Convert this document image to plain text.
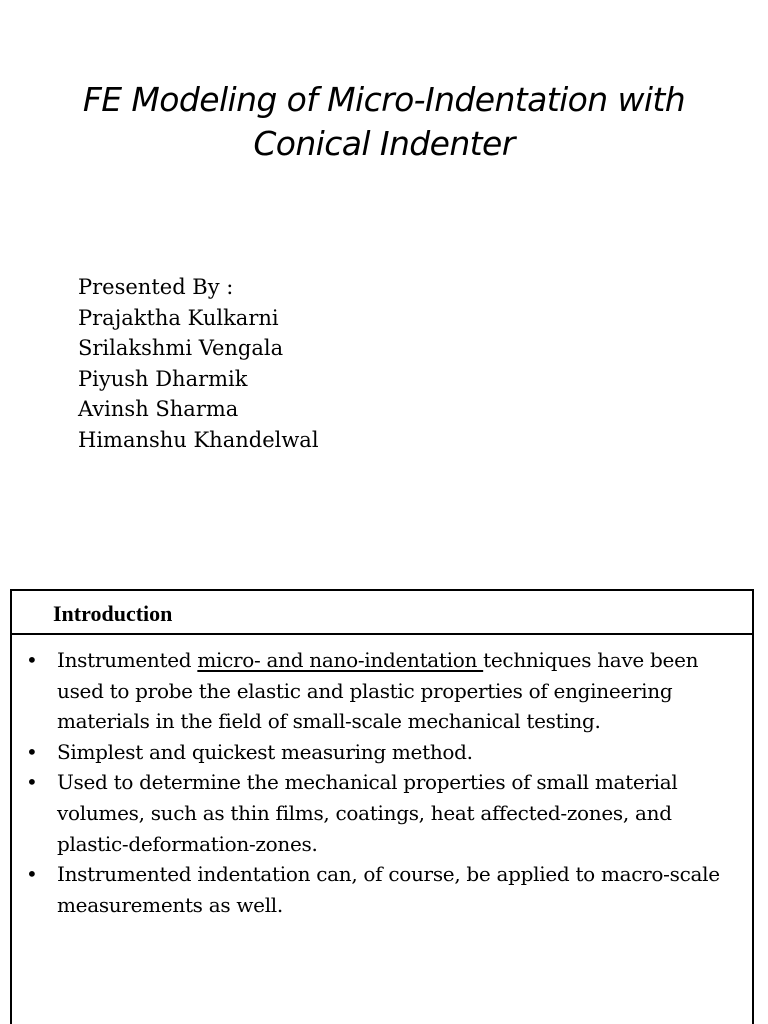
FE Modeling of Micro-Indentation with
Conical Indenter
Presented By :
Prajaktha Kulkarni
Srilakshmi Vengala
Piyush Dharmik
Avinsh Sharma
Himanshu Khandelwal
Introduction
• Instrumented micro- and nano-indentation techniques have been used to probe the elastic and plastic properties of engineering materials in the field of small-scale mechanical testing.
• Simplest and quickest measuring method.
• Used to determine the mechanical properties of small material volumes, such as thin films, coatings, heat affected-zones, and plastic-deformation-zones.
• Instrumented indentation can, of course, be applied to macro-scale measurements as well.
